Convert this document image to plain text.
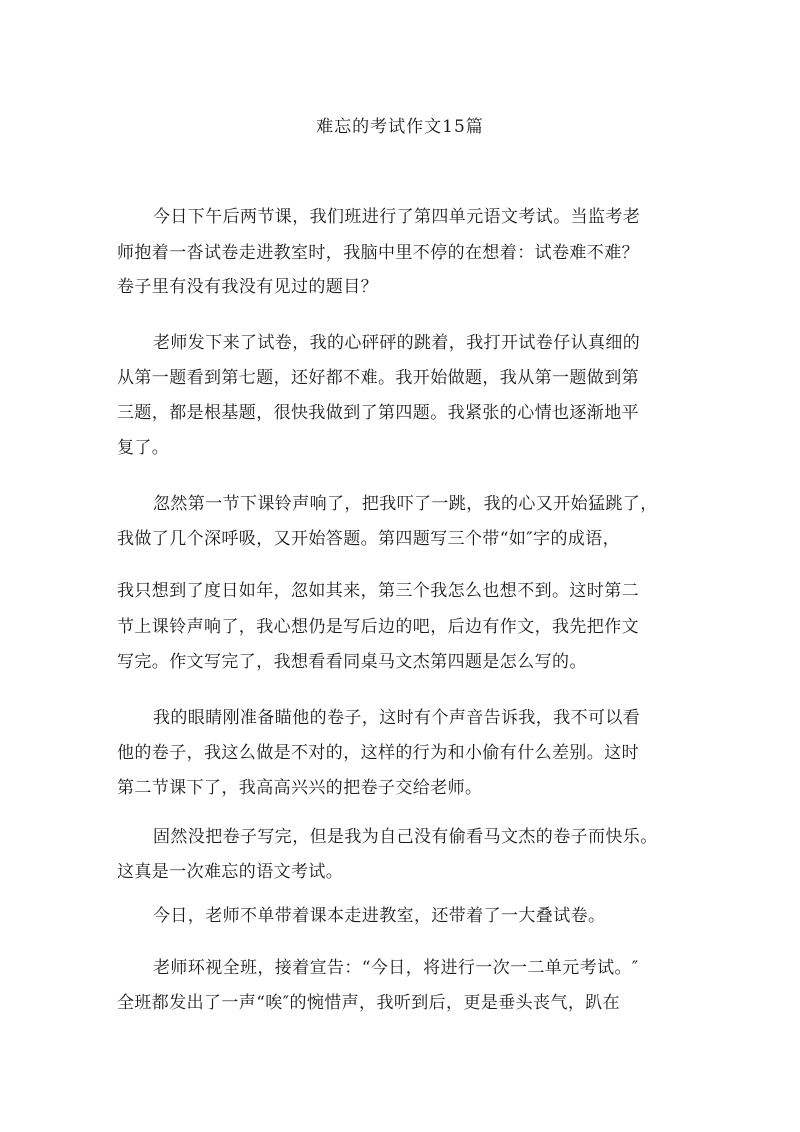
难忘的考试作文15篇
今日下午后两节课，我们班进行了第四单元语文考试。当监考老
师抱着一沓试卷走进教室时，我脑中里不停的在想着：试卷难不难？
卷子里有没有我没有见过的题目？
老师发下来了试卷，我的心砰砰的跳着，我打开试卷仔认真细的
从第一题看到第七题，还好都不难。我开始做题，我从第一题做到第
三题，都是根基题，很快我做到了第四题。我紧张的心情也逐渐地平
复了。
忽然第一节下课铃声响了，把我吓了一跳，我的心又开始猛跳了，
我做了几个深呼吸，又开始答题。第四题写三个带“如″字的成语，
我只想到了度日如年，忽如其来，第三个我怎么也想不到。这时第二
节上课铃声响了，我心想仍是写后边的吧，后边有作文，我先把作文
写完。作文写完了，我想看看同桌马文杰第四题是怎么写的。
我的眼睛刚准备瞄他的卷子，这时有个声音告诉我，我不可以看
他的卷子，我这么做是不对的，这样的行为和小偷有什么差别。这时
第二节课下了，我高高兴兴的把卷子交给老师。
固然没把卷子写完，但是我为自己没有偷看马文杰的卷子而快乐。
这真是一次难忘的语文考试。
今日，老师不单带着课本走进教室，还带着了一大叠试卷。
老师环视全班，接着宣告：“今日，将进行一次一二单元考试。″
全班都发出了一声“唉″的惋惜声，我听到后，更是垂头丧气，趴在
